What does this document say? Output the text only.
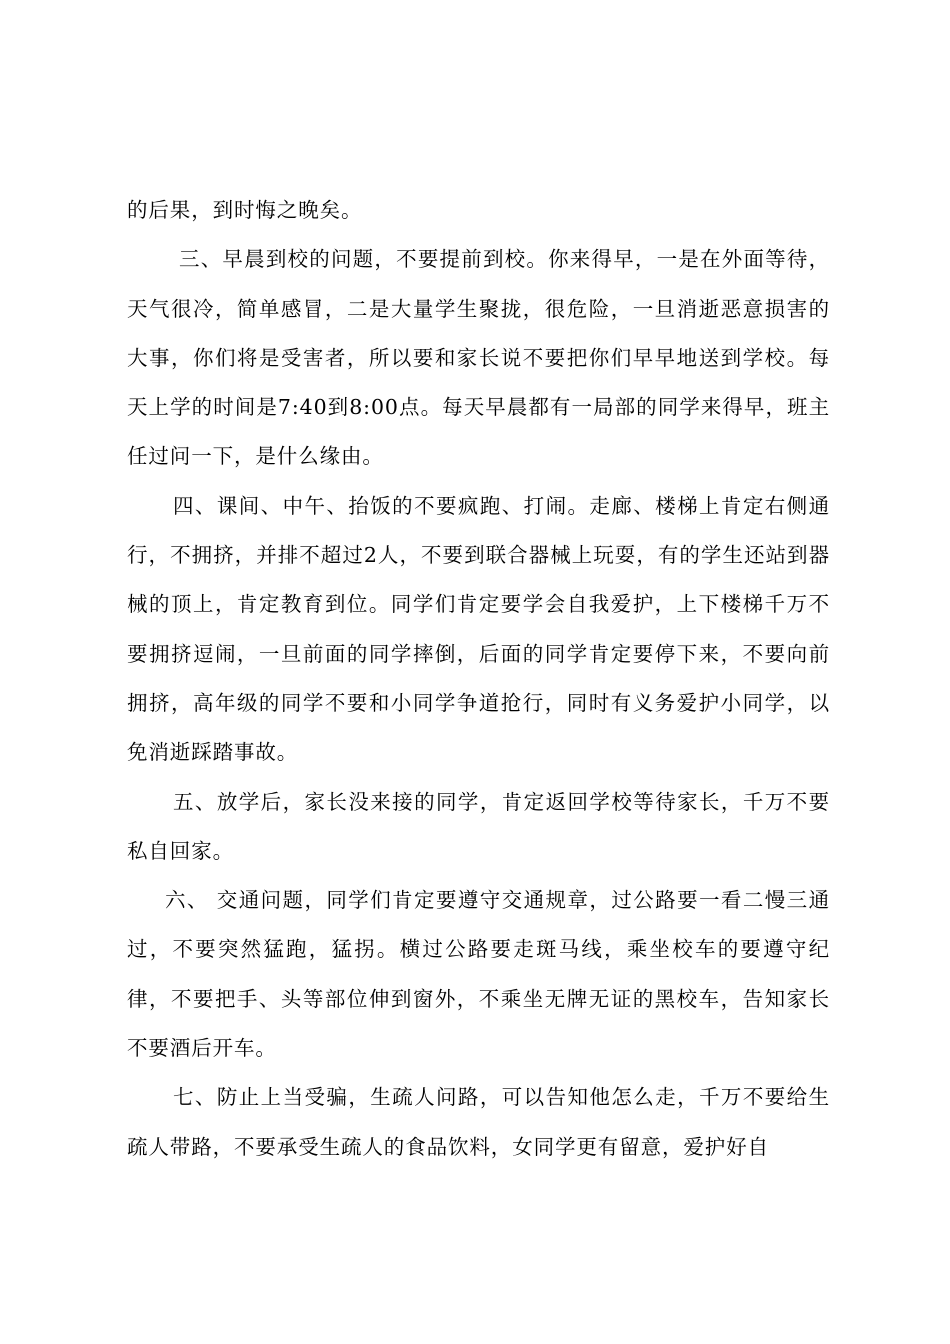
的后果，到时悔之晚矣。

三、早晨到校的问题，不要提前到校。你来得早，一是在外面等待，天气很冷，简单感冒，二是大量学生聚拢，很危险，一旦消逝恶意损害的大事，你们将是受害者，所以要和家长说不要把你们早早地送到学校。每天上学的时间是7:40到8:00点。每天早晨都有一局部的同学来得早，班主任过问一下，是什么缘由。

四、课间、中午、抬饭的不要疯跑、打闹。走廊、楼梯上肯定右侧通行，不拥挤，并排不超过2人，不要到联合器械上玩耍，有的学生还站到器械的顶上，肯定教育到位。同学们肯定要学会自我爱护，上下楼梯千万不要拥挤逗闹，一旦前面的同学摔倒，后面的同学肯定要停下来，不要向前拥挤，高年级的同学不要和小同学争道抢行，同时有义务爱护小同学，以免消逝踩踏事故。

五、放学后，家长没来接的同学，肯定返回学校等待家长，千万不要私自回家。

六、 交通问题，同学们肯定要遵守交通规章，过公路要一看二慢三通过，不要突然猛跑，猛拐。横过公路要走斑马线，乘坐校车的要遵守纪律，不要把手、头等部位伸到窗外，不乘坐无牌无证的黑校车，告知家长不要酒后开车。

七、防止上当受骗，生疏人问路，可以告知他怎么走，千万不要给生疏人带路，不要承受生疏人的食品饮料，女同学更有留意，爱护好自
